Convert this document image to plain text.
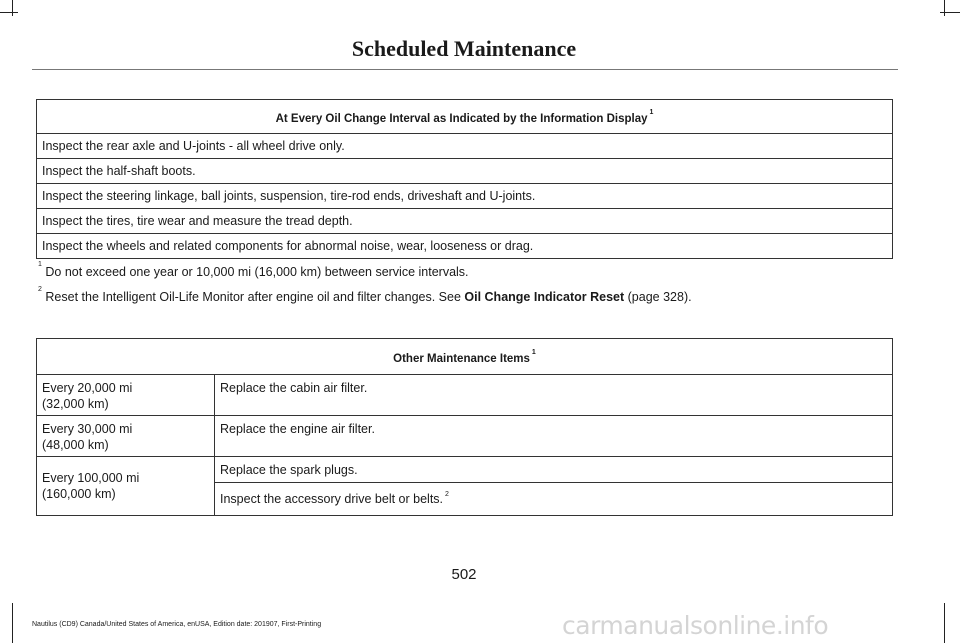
Scheduled Maintenance
At Every Oil Change Interval as Indicated by the Information Display$^1$
Inspect the rear axle and U-joints - all wheel drive only.
Inspect the half-shaft boots.
Inspect the steering linkage, ball joints, suspension, tire-rod ends, driveshaft and U-joints.
Inspect the tires, tire wear and measure the tread depth.
Inspect the wheels and related components for abnormal noise, wear, looseness or drag.
$^1$ Do not exceed one year or 10,000 mi (16,000 km) between service intervals.
$^2$ Reset the Intelligent Oil-Life Monitor after engine oil and filter changes. See Oil Change Indicator Reset (page 328).
Other Maintenance Items$^1$
Every 20,000 mi
(32,000 km)	Replace the cabin air filter.
Every 30,000 mi
(48,000 km)	Replace the engine air filter.
Every 100,000 mi
(160,000 km)	Replace the spark plugs.
	Inspect the accessory drive belt or belts. $^2$
502
Nautilus (CD9) Canada/United States of America, enUSA, Edition date: 201907, First-Printing	carmanualsonline.info
